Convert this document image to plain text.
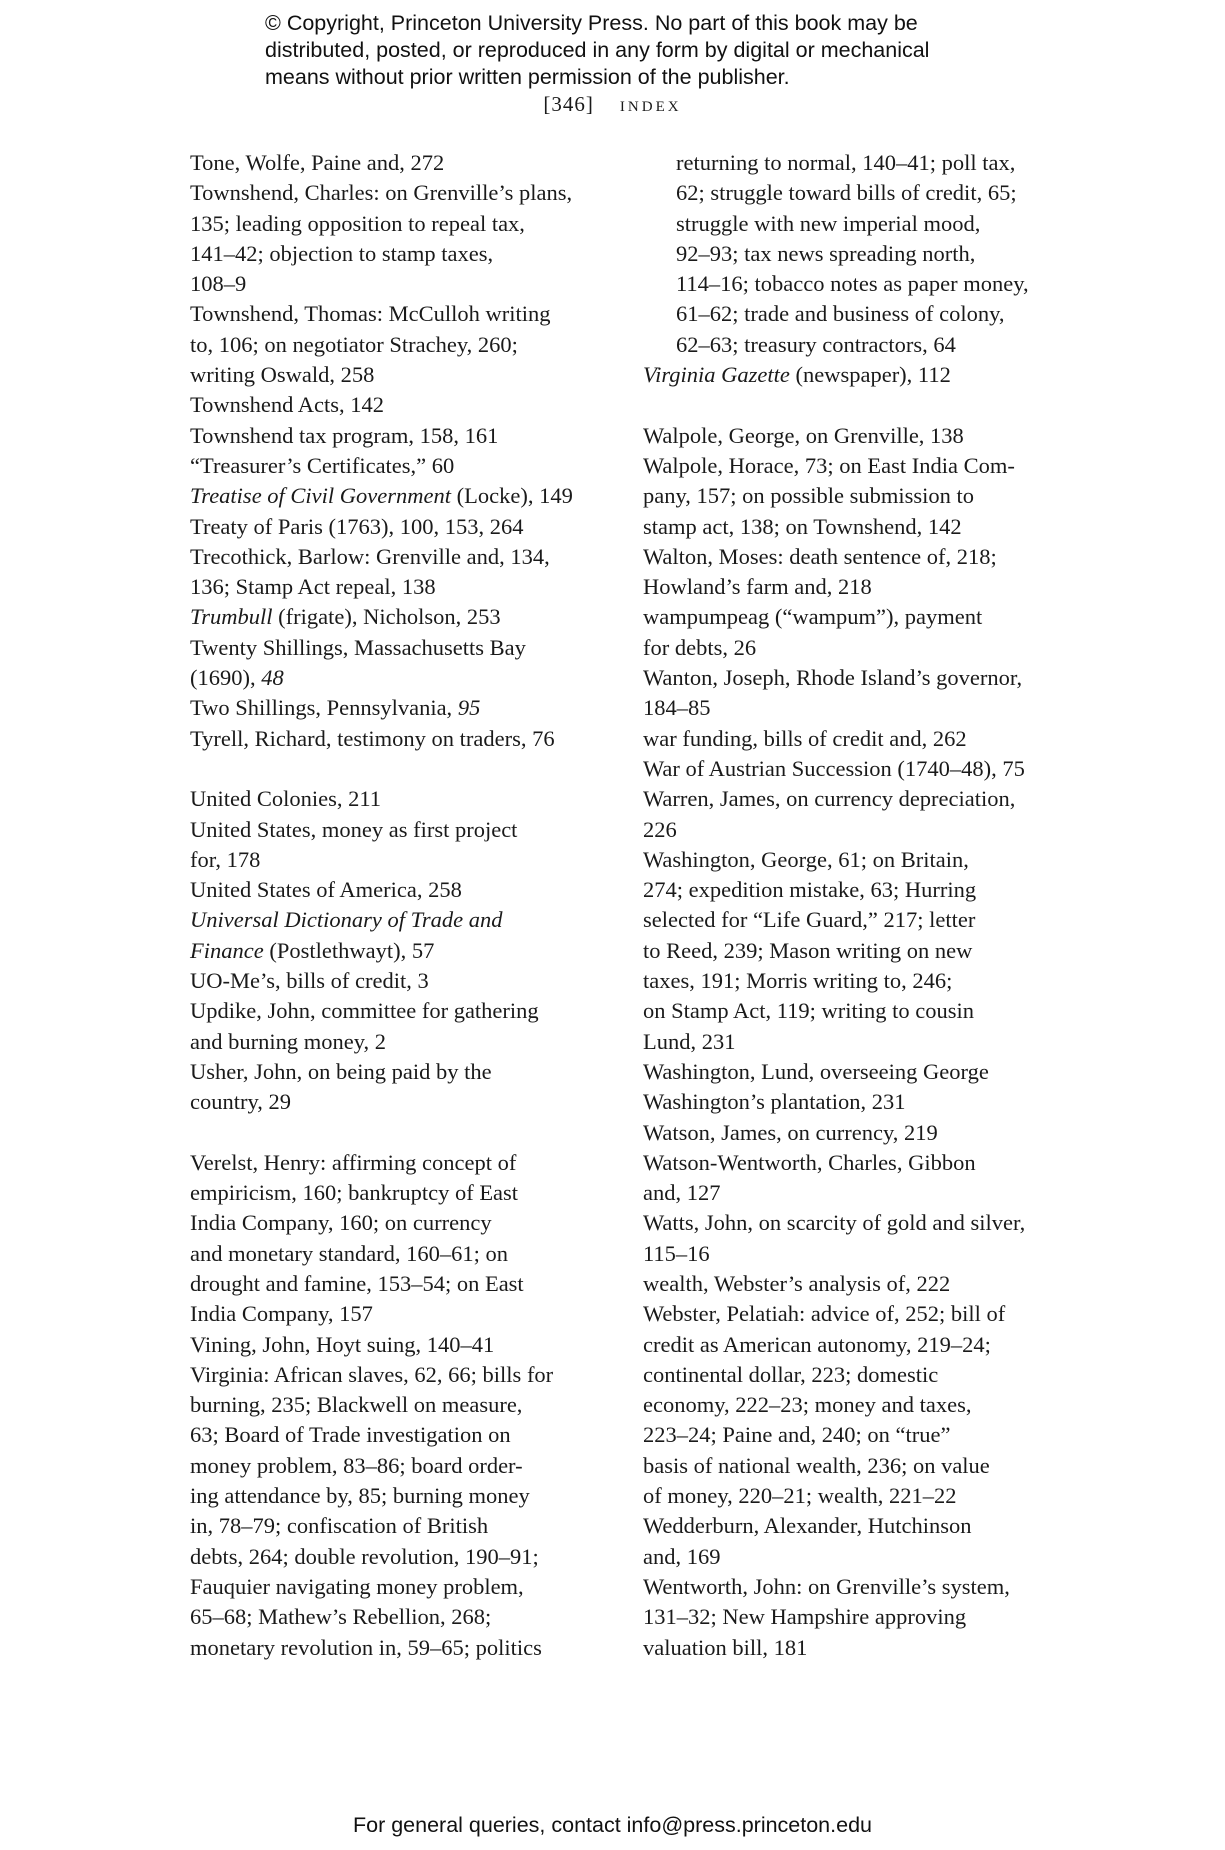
© Copyright, Princeton University Press. No part of this book may be
distributed, posted, or reproduced in any form by digital or mechanical
means without prior written permission of the publisher.
[346] index
Tone, Wolfe, Paine and, 272
Townshend, Charles: on Grenville’s plans,
135; leading opposition to repeal tax,
141–42; objection to stamp taxes,
108–9
Townshend, Thomas: McCulloh writing
to, 106; on negotiator Strachey, 260;
writing Oswald, 258
Townshend Acts, 142
Townshend tax program, 158, 161
“Treasurer’s Certificates,” 60
Treatise of Civil Government (Locke), 149
Treaty of Paris (1763), 100, 153, 264
Trecothick, Barlow: Grenville and, 134,
136; Stamp Act repeal, 138
Trumbull (frigate), Nicholson, 253
Twenty Shillings, Massachusetts Bay
(1690), 48
Two Shillings, Pennsylvania, 95
Tyrell, Richard, testimony on traders, 76
United Colonies, 211
United States, money as first project
for, 178
United States of America, 258
Universal Dictionary of Trade and
Finance (Postlethwayt), 57
UO-Me’s, bills of credit, 3
Updike, John, committee for gathering
and burning money, 2
Usher, John, on being paid by the
country, 29
Verelst, Henry: affirming concept of
empiricism, 160; bankruptcy of East
India Company, 160; on currency
and monetary standard, 160–61; on
drought and famine, 153–54; on East
India Company, 157
Vining, John, Hoyt suing, 140–41
Virginia: African slaves, 62, 66; bills for
burning, 235; Blackwell on measure,
63; Board of Trade investigation on
money problem, 83–86; board order-
ing attendance by, 85; burning money
in, 78–79; confiscation of British
debts, 264; double revolution, 190–91;
Fauquier navigating money problem,
65–68; Mathew’s Rebellion, 268;
monetary revolution in, 59–65; politics
returning to normal, 140–41; poll tax,
62; struggle toward bills of credit, 65;
struggle with new imperial mood,
92–93; tax news spreading north,
114–16; tobacco notes as paper money,
61–62; trade and business of colony,
62–63; treasury contractors, 64
Virginia Gazette (newspaper), 112
Walpole, George, on Grenville, 138
Walpole, Horace, 73; on East India Com-
pany, 157; on possible submission to
stamp act, 138; on Townshend, 142
Walton, Moses: death sentence of, 218;
Howland’s farm and, 218
wampumpeag (“wampum”), payment
for debts, 26
Wanton, Joseph, Rhode Island’s governor,
184–85
war funding, bills of credit and, 262
War of Austrian Succession (1740–48), 75
Warren, James, on currency depreciation,
226
Washington, George, 61; on Britain,
274; expedition mistake, 63; Hurring
selected for “Life Guard,” 217; letter
to Reed, 239; Mason writing on new
taxes, 191; Morris writing to, 246;
on Stamp Act, 119; writing to cousin
Lund, 231
Washington, Lund, overseeing George
Washington’s plantation, 231
Watson, James, on currency, 219
Watson-Wentworth, Charles, Gibbon
and, 127
Watts, John, on scarcity of gold and silver,
115–16
wealth, Webster’s analysis of, 222
Webster, Pelatiah: advice of, 252; bill of
credit as American autonomy, 219–24;
continental dollar, 223; domestic
economy, 222–23; money and taxes,
223–24; Paine and, 240; on “true”
basis of national wealth, 236; on value
of money, 220–21; wealth, 221–22
Wedderburn, Alexander, Hutchinson
and, 169
Wentworth, John: on Grenville’s system,
131–32; New Hampshire approving
valuation bill, 181
For general queries, contact info@press.princeton.edu
